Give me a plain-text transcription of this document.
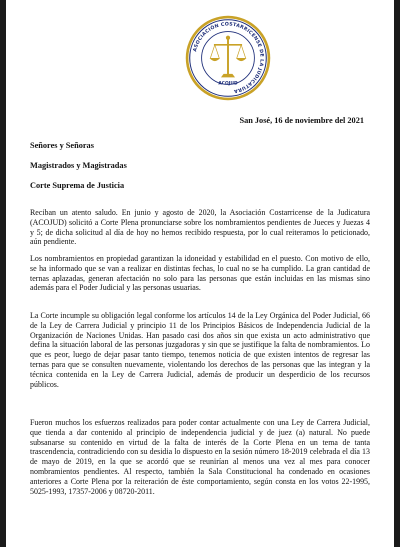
ASOCIACIÓN COSTARRICENSE DE LA JUDICATURA
ACOJUD
San José, 16 de noviembre del 2021
Señores y Señoras
Magistrados y Magistradas
Corte Suprema de Justicia

Reciban un atento saludo. En junio y agosto de 2020, la Asociación Costarricense de la Judicatura (ACOJUD) solicitó a Corte Plena pronunciarse sobre los nombramientos pendientes de Jueces y Juezas 4 y 5; de dicha solicitud al día de hoy no hemos recibido respuesta, por lo cual reiteramos lo peticionado, aún pendiente.

Los nombramientos en propiedad garantizan la idoneidad y estabilidad en el puesto. Con motivo de ello, se ha informado que se van a realizar en distintas fechas, lo cual no se ha cumplido. La gran cantidad de ternas aplazadas, generan afectación no solo para las personas que están incluidas en las mismas sino además para el Poder Judicial y las personas usuarias.

La Corte incumple su obligación legal conforme los artículos 14 de la Ley Orgánica del Poder Judicial, 66 de la Ley de Carrera Judicial y principio 11 de los Principios Básicos de Independencia Judicial de la Organización de Naciones Unidas. Han pasado casi dos años sin que exista un acto administrativo que defina la situación laboral de las personas juzgadoras y sin que se justifique la falta de nombramientos. Lo que es peor, luego de dejar pasar tanto tiempo, tenemos noticia de que existen intentos de regresar las ternas para que se consulten nuevamente, violentando los derechos de las personas que las integran y la técnica contenida en la Ley de Carrera Judicial, además de producir un desperdicio de los recursos públicos.

Fueron muchos los esfuerzos realizados para poder contar actualmente con una Ley de Carrera Judicial, que tienda a dar contenido al principio de independencia judicial y de juez (a) natural. No puede subsanarse su contenido en virtud de la falta de interés de la Corte Plena en un tema de tanta trascendencia, contradiciendo con su desidia lo dispuesto en la sesión número 18-2019 celebrada el día 13 de mayo de 2019, en la que se acordó que se reunirían al menos una vez al mes para conocer nombramientos pendientes. Al respecto, también la Sala Constitucional ha condenado en ocasiones anteriores a Corte Plena por la reiteración de éste comportamiento, según consta en los votos 22-1995, 5025-1993, 17357-2006 y 08720-2011.
